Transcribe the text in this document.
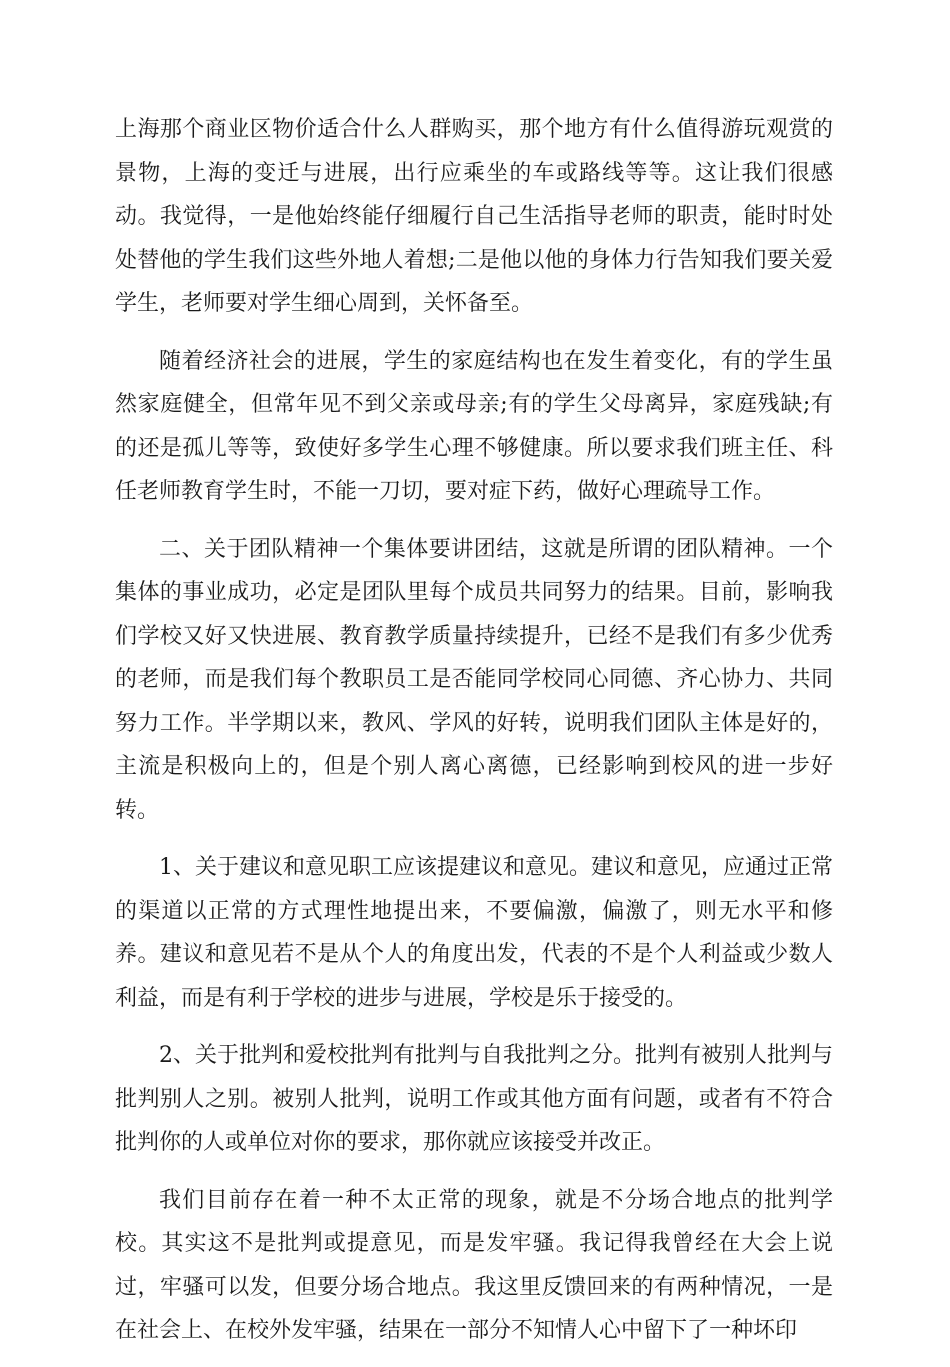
上海那个商业区物价适合什么人群购买，那个地方有什么值得游玩观赏的景物，上海的变迁与进展，出行应乘坐的车或路线等等。这让我们很感动。我觉得，一是他始终能仔细履行自己生活指导老师的职责，能时时处处替他的学生我们这些外地人着想;二是他以他的身体力行告知我们要关爱学生，老师要对学生细心周到，关怀备至。

随着经济社会的进展，学生的家庭结构也在发生着变化，有的学生虽然家庭健全，但常年见不到父亲或母亲;有的学生父母离异，家庭残缺;有的还是孤儿等等，致使好多学生心理不够健康。所以要求我们班主任、科任老师教育学生时，不能一刀切，要对症下药，做好心理疏导工作。

二、关于团队精神一个集体要讲团结，这就是所谓的团队精神。一个集体的事业成功，必定是团队里每个成员共同努力的结果。目前，影响我们学校又好又快进展、教育教学质量持续提升，已经不是我们有多少优秀的老师，而是我们每个教职员工是否能同学校同心同德、齐心协力、共同努力工作。半学期以来，教风、学风的好转，说明我们团队主体是好的，主流是积极向上的，但是个别人离心离德，已经影响到校风的进一步好转。

1、关于建议和意见职工应该提建议和意见。建议和意见，应通过正常的渠道以正常的方式理性地提出来，不要偏激，偏激了，则无水平和修养。建议和意见若不是从个人的角度出发，代表的不是个人利益或少数人利益，而是有利于学校的进步与进展，学校是乐于接受的。

2、关于批判和爱校批判有批判与自我批判之分。批判有被别人批判与批判别人之别。被别人批判，说明工作或其他方面有问题，或者有不符合批判你的人或单位对你的要求，那你就应该接受并改正。

我们目前存在着一种不太正常的现象，就是不分场合地点的批判学校。其实这不是批判或提意见，而是发牢骚。我记得我曾经在大会上说过，牢骚可以发，但要分场合地点。我这里反馈回来的有两种情况，一是在社会上、在校外发牢骚，结果在一部分不知情人心中留下了一种坏印
